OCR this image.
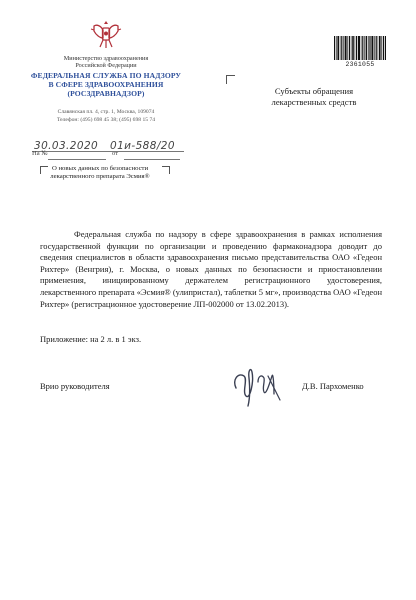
Министерство здравоохранения
Российской Федерации
ФЕДЕРАЛЬНАЯ СЛУЖБА ПО НАДЗОРУ
В СФЕРЕ ЗДРАВООХРАНЕНИЯ
(РОСЗДРАВНАДЗОР)
Славянская пл. 4, стр. 1, Москва, 109074
Телефон: (495) 698 45 38; (495) 698 15 74
30.03.2020 01и-588/20
На №	от
О новых данных по безопасности лекарственного препарата Эсмия®
2361055
Субъекты обращения лекарственных средств
Федеральная служба по надзору в сфере здравоохранения в рамках исполнения государственной функции по организации и проведению фармаконадзора доводит до сведения специалистов в области здравоохранения письмо представительства ОАО «Гедеон Рихтер» (Венгрия), г. Москва, о новых данных по безопасности и приостановлении применения, инициированному держателем регистрационного удостоверения, лекарственного препарата «Эсмия® (улипристал), таблетки 5 мг», производства ОАО «Гедеон Рихтер» (регистрационное удостоверение ЛП-002000 от 13.02.2013).
Приложение: на 2 л. в 1 экз.
Врио руководителя	Д.В. Пархоменко
